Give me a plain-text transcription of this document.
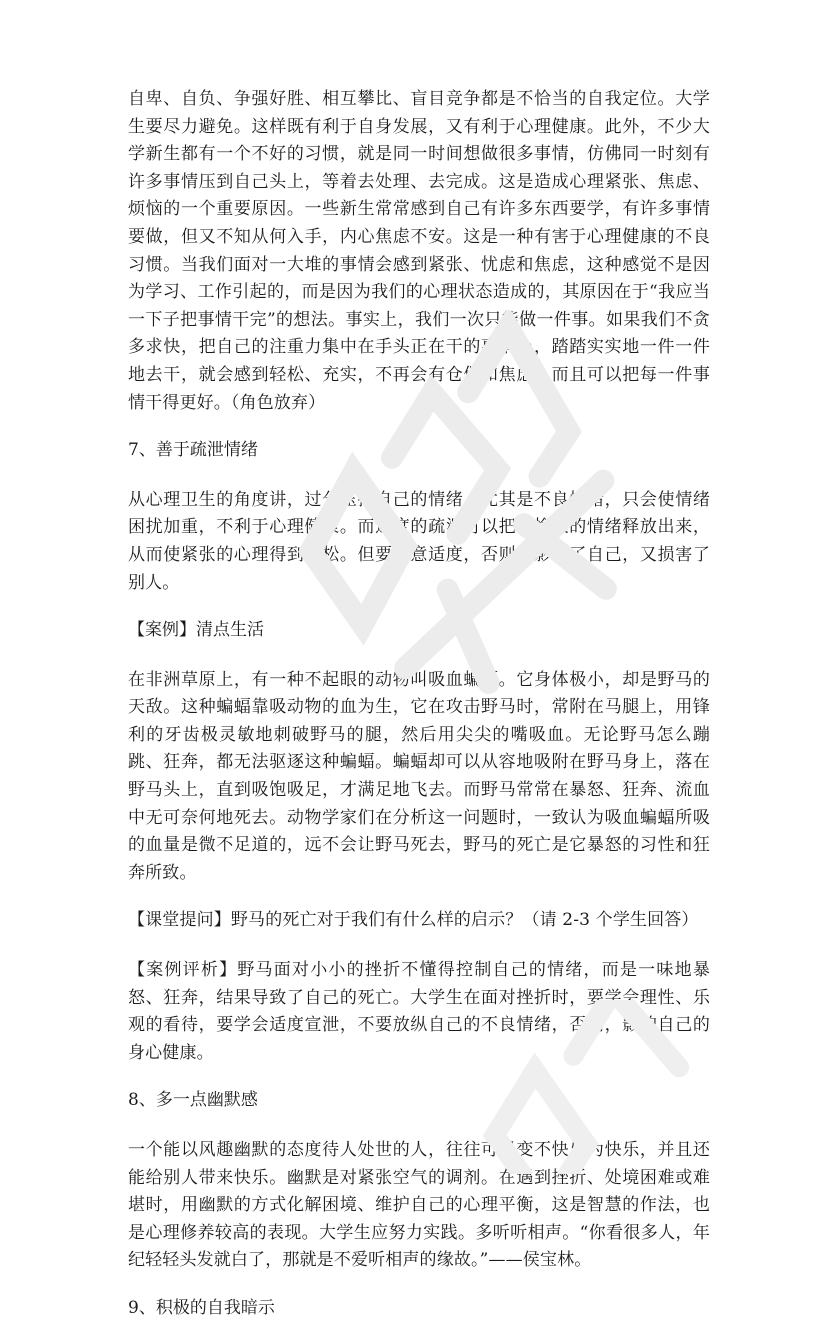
自卑、自负、争强好胜、相互攀比、盲目竞争都是不恰当的自我定位。大学生要尽力避免。这样既有利于自身发展，又有利于心理健康。此外，不少大学新生都有一个不好的习惯，就是同一时间想做很多事情，仿佛同一时刻有许多事情压到自己头上，等着去处理、去完成。这是造成心理紧张、焦虑、烦恼的一个重要原因。一些新生常常感到自己有许多东西要学，有许多事情要做，但又不知从何入手，内心焦虑不安。这是一种有害于心理健康的不良习惯。当我们面对一大堆的事情会感到紧张、忧虑和焦虑，这种感觉不是因为学习、工作引起的，而是因为我们的心理状态造成的，其原因在于“我应当一下子把事情干完”的想法。事实上，我们一次只能做一件事。如果我们不贪多求快，把自己的注重力集中在手头正在干的事情上，踏踏实实地一件一件地去干，就会感到轻松、充实，不再会有仓促和焦虑，而且可以把每一件事情干得更好。（角色放弃）

7、善于疏泄情绪

从心理卫生的角度讲，过分压抑自己的情绪，尤其是不良情绪，只会使情绪困扰加重，不利于心理健康。而适度的疏泄可以把不愉快的情绪释放出来，从而使紧张的心理得到放松。但要留意适度，否则既影响了自己，又损害了别人。

【案例】清点生活

在非洲草原上，有一种不起眼的动物叫吸血蝙蝠。它身体极小，却是野马的天敌。这种蝙蝠靠吸动物的血为生，它在攻击野马时，常附在马腿上，用锋利的牙齿极灵敏地刺破野马的腿，然后用尖尖的嘴吸血。无论野马怎么蹦跳、狂奔，都无法驱逐这种蝙蝠。蝙蝠却可以从容地吸附在野马身上，落在野马头上，直到吸饱吸足，才满足地飞去。而野马常常在暴怒、狂奔、流血中无可奈何地死去。动物学家们在分析这一问题时，一致认为吸血蝙蝠所吸的血量是微不足道的，远不会让野马死去，野马的死亡是它暴怒的习性和狂奔所致。

【课堂提问】野马的死亡对于我们有什么样的启示？（请 2-3 个学生回答）

【案例评析】野马面对小小的挫折不懂得控制自己的情绪，而是一味地暴怒、狂奔，结果导致了自己的死亡。大学生在面对挫折时，要学会理性、乐观的看待，要学会适度宣泄，不要放纵自己的不良情绪，否则，影响自己的身心健康。

8、多一点幽默感

一个能以风趣幽默的态度待人处世的人，往往可以变不快乐为快乐，并且还能给别人带来快乐。幽默是对紧张空气的调剂。在遇到挫折、处境困难或难堪时，用幽默的方式化解困境、维护自己的心理平衡，这是智慧的作法，也是心理修养较高的表现。大学生应努力实践。多听听相声。“你看很多人，年纪轻轻头发就白了，那就是不爱听相声的缘故。”——侯宝林。

9、积极的自我暗示
